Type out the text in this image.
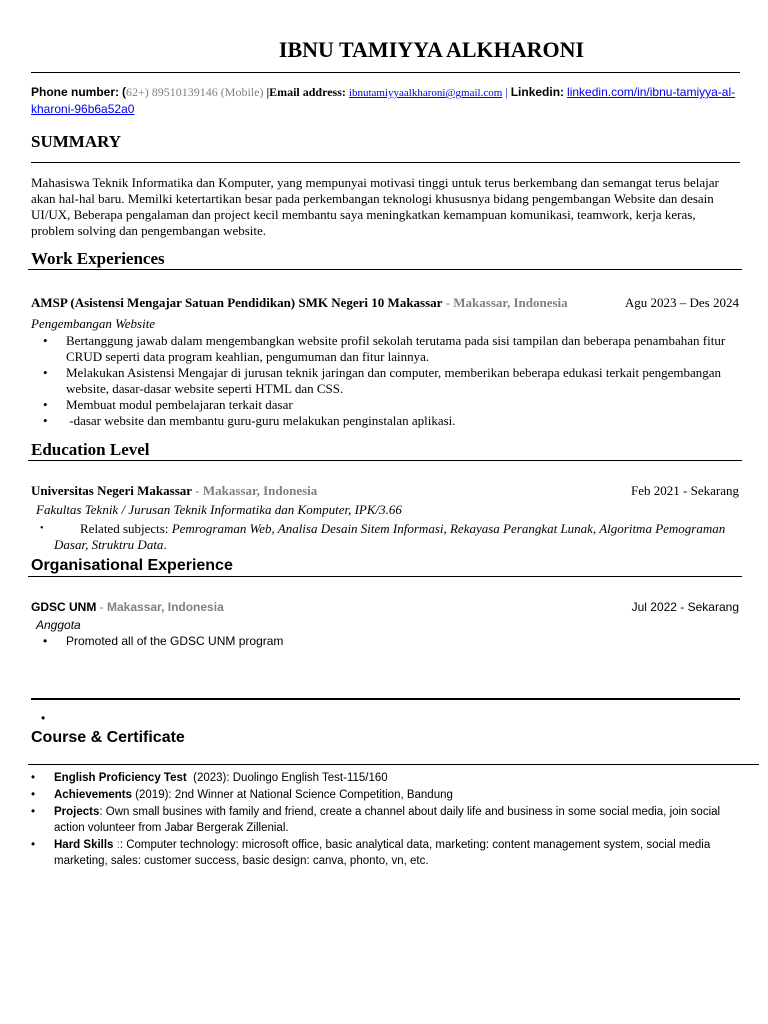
IBNU TAMIYYA ALKHARONI
Phone number: (62+) 89510139146 (Mobile) |Email address: ibnutamiyyaalkharoni@gmail.com | Linkedin: linkedin.com/in/ibnu-tamiyya-al-kharoni-96b6a52a0
SUMMARY
Mahasiswa Teknik Informatika dan Komputer, yang mempunyai motivasi tinggi untuk terus berkembang dan semangat terus belajar akan hal-hal baru. Memilki ketertartikan besar pada perkembangan teknologi khususnya bidang pengembangan Website dan desain UI/UX, Beberapa pengalaman dan project kecil membantu saya meningkatkan kemampuan komunikasi, teamwork, kerja keras, problem solving dan pengembangan website.
Work Experiences
AMSP (Asistensi Mengajar Satuan Pendidikan) SMK Negeri 10 Makassar - Makassar, Indonesia	Agu 2023 – Des 2024
Pengembangan Website
• Bertanggung jawab dalam mengembangkan website profil sekolah terutama pada sisi tampilan dan beberapa penambahan fitur CRUD seperti data program keahlian, pengumuman dan fitur lainnya.
• Melakukan Asistensi Mengajar di jurusan teknik jaringan dan computer, memberikan beberapa edukasi terkait pengembangan website, dasar-dasar website seperti HTML dan CSS.
• Membuat modul pembelajaran terkait dasar
•  -dasar website dan membantu guru-guru melakukan penginstalan aplikasi.
Education Level
Universitas Negeri Makassar - Makassar, Indonesia	Feb 2021 - Sekarang
Fakultas Teknik / Jurusan Teknik Informatika dan Komputer, IPK/3.66
•	Related subjects: Pemrograman Web, Analisa Desain Sitem Informasi, Rekayasa Perangkat Lunak, Algoritma Pemograman Dasar, Struktru Data.
Organisational Experience
GDSC UNM - Makassar, Indonesia	Jul 2022 - Sekarang
Anggota
• Promoted all of the GDSC UNM program
•
Course & Certificate
• English Proficiency Test  (2023): Duolingo English Test-115/160
• Achievements (2019): 2nd Winner at National Science Competition, Bandung
• Projects: Own small busines with family and friend, create a channel about daily life and business in some social media, join social action volunteer from Jabar Bergerak Zillenial.
• Hard Skills ː: Computer technology: microsoft office, basic analytical data, marketing: content management system, social media marketing, sales: customer success, basic design: canva, phonto, vn, etc.
